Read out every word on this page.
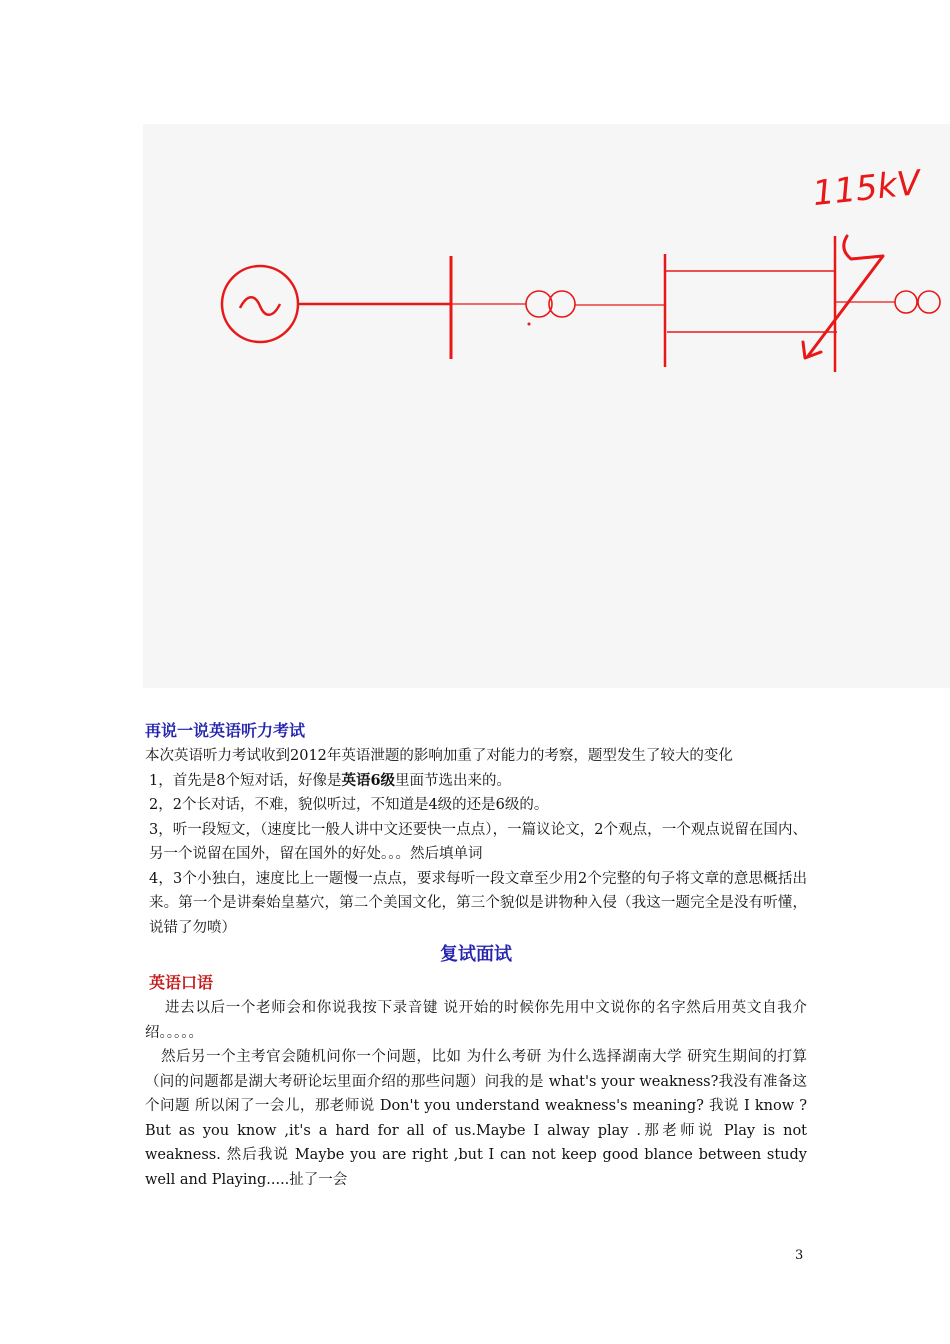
115kV

再说一说英语听力考试

本次英语听力考试收到2012年英语泄题的影响加重了对能力的考察，题型发生了较大的变化

1，首先是8个短对话，好像是英语6级里面节选出来的。

2，2个长对话，不难，貌似听过，不知道是4级的还是6级的。

3，听一段短文，（速度比一般人讲中文还要快一点点），一篇议论文，2个观点，一个观点说留在国内、另一个说留在国外，留在国外的好处。。。然后填单词

4，3个小独白，速度比上一题慢一点点，要求每听一段文章至少用2个完整的句子将文章的意思概括出来。第一个是讲秦始皇墓穴，第二个美国文化，第三个貌似是讲物种入侵（我这一题完全是没有听懂，说错了勿喷）

复试面试

英语口语

进去以后一个老师会和你说我按下录音键 说开始的时候你先用中文说你的名字然后用英文自我介绍。。。。。

然后另一个主考官会随机问你一个问题，比如 为什么考研 为什么选择湖南大学 研究生期间的打算 （问的问题都是湖大考研论坛里面介绍的那些问题）问我的是 what's your weakness?我没有准备这个问题 所以闲了一会儿，那老师说 Don't you understand weakness's meaning? 我说 I know ?But as you know ,it's a hard for all of us.Maybe I alway play .那老师说 Play is not weakness. 然后我说 Maybe you are right ,but I can not keep good blance between study well and Playing.....扯了一会

3
